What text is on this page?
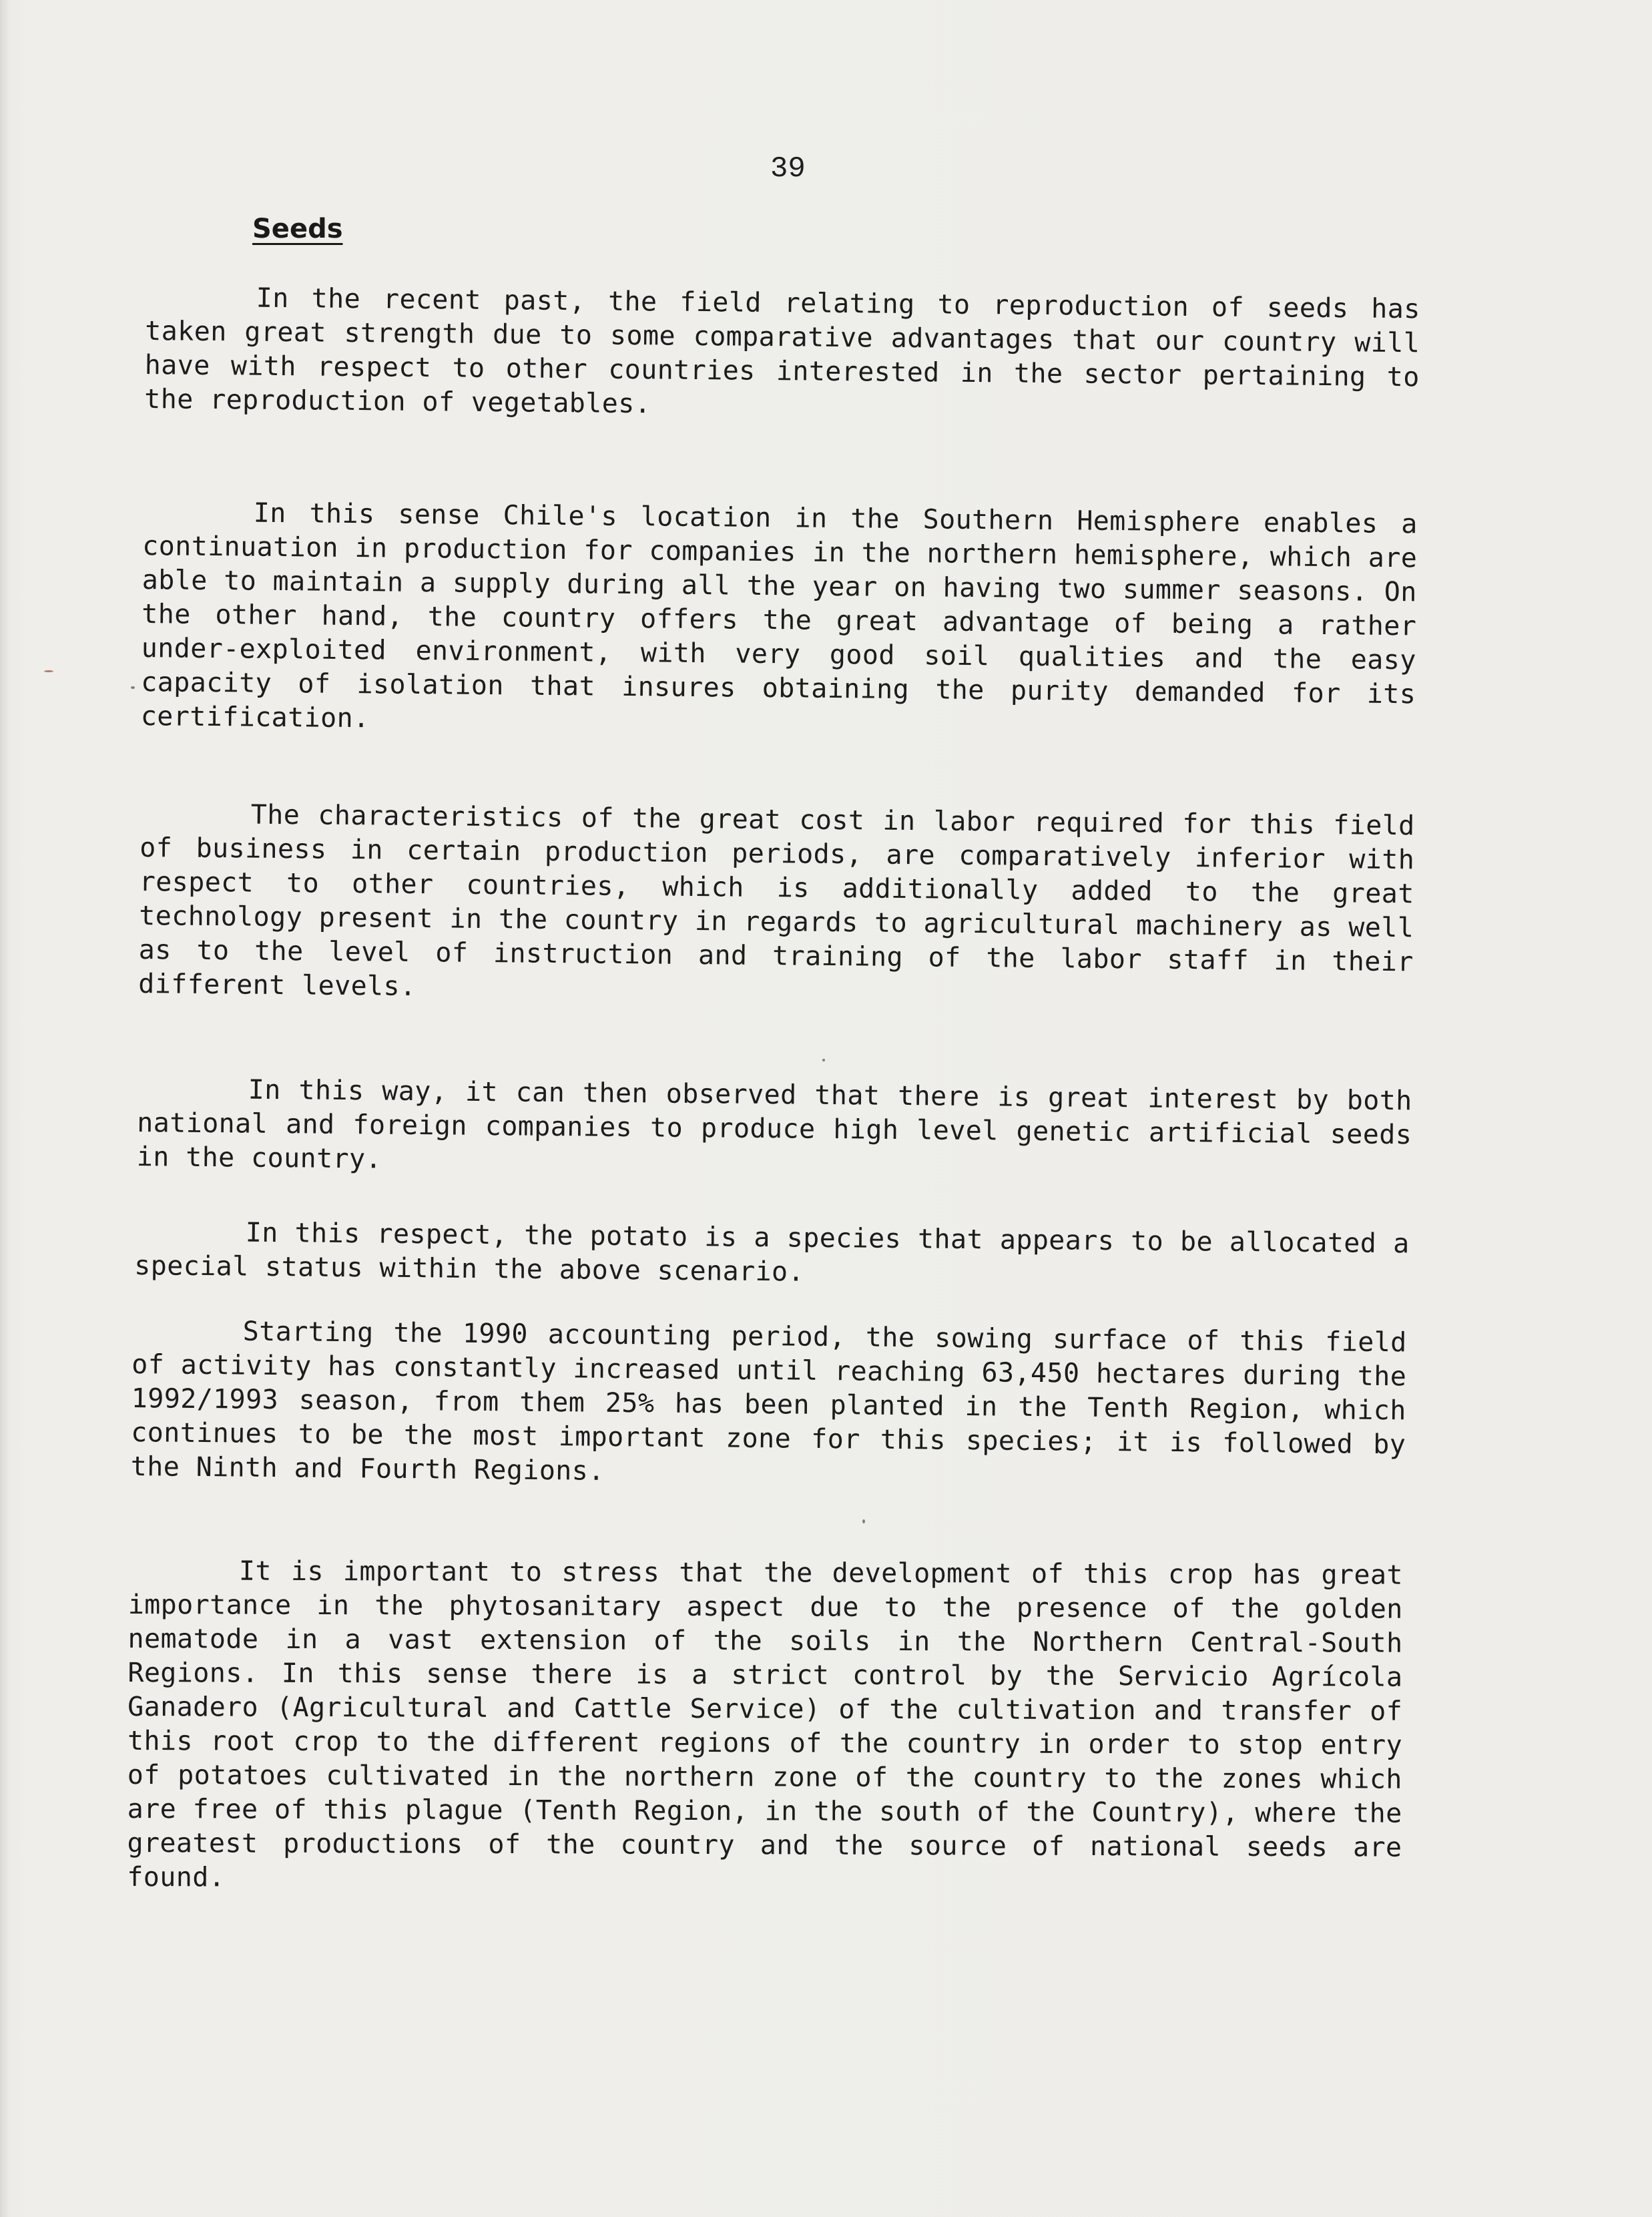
39
Seeds

In the recent past, the field relating to reproduction of seeds has taken great strength due to some comparative advantages that our country will have with respect to other countries interested in the sector pertaining to the reproduction of vegetables.

In this sense Chile's location in the Southern Hemisphere enables a continuation in production for companies in the northern hemisphere, which are able to maintain a supply during all the year on having two summer seasons. On the other hand, the country offers the great advantage of being a rather under-exploited environment, with very good soil qualities and the easy capacity of isolation that insures obtaining the purity demanded for its certification.

The characteristics of the great cost in labor required for this field of business in certain production periods, are comparatively inferior with respect to other countries, which is additionally added to the great technology present in the country in regards to agricultural machinery as well as to the level of instruction and training of the labor staff in their different levels.

In this way, it can then observed that there is great interest by both national and foreign companies to produce high level genetic artificial seeds in the country.

In this respect, the potato is a species that appears to be allocated a special status within the above scenario.

Starting the 1990 accounting period, the sowing surface of this field of activity has constantly increased until reaching 63,450 hectares during the 1992/1993 season, from them 25% has been planted in the Tenth Region, which continues to be the most important zone for this species; it is followed by the Ninth and Fourth Regions.

It is important to stress that the development of this crop has great importance in the phytosanitary aspect due to the presence of the golden nematode in a vast extension of the soils in the Northern Central-South Regions. In this sense there is a strict control by the Servicio Agrícola Ganadero (Agricultural and Cattle Service) of the cultivation and transfer of this root crop to the different regions of the country in order to stop entry of potatoes cultivated in the northern zone of the country to the zones which are free of this plague (Tenth Region, in the south of the Country), where the greatest productions of the country and the source of national seeds are found.
